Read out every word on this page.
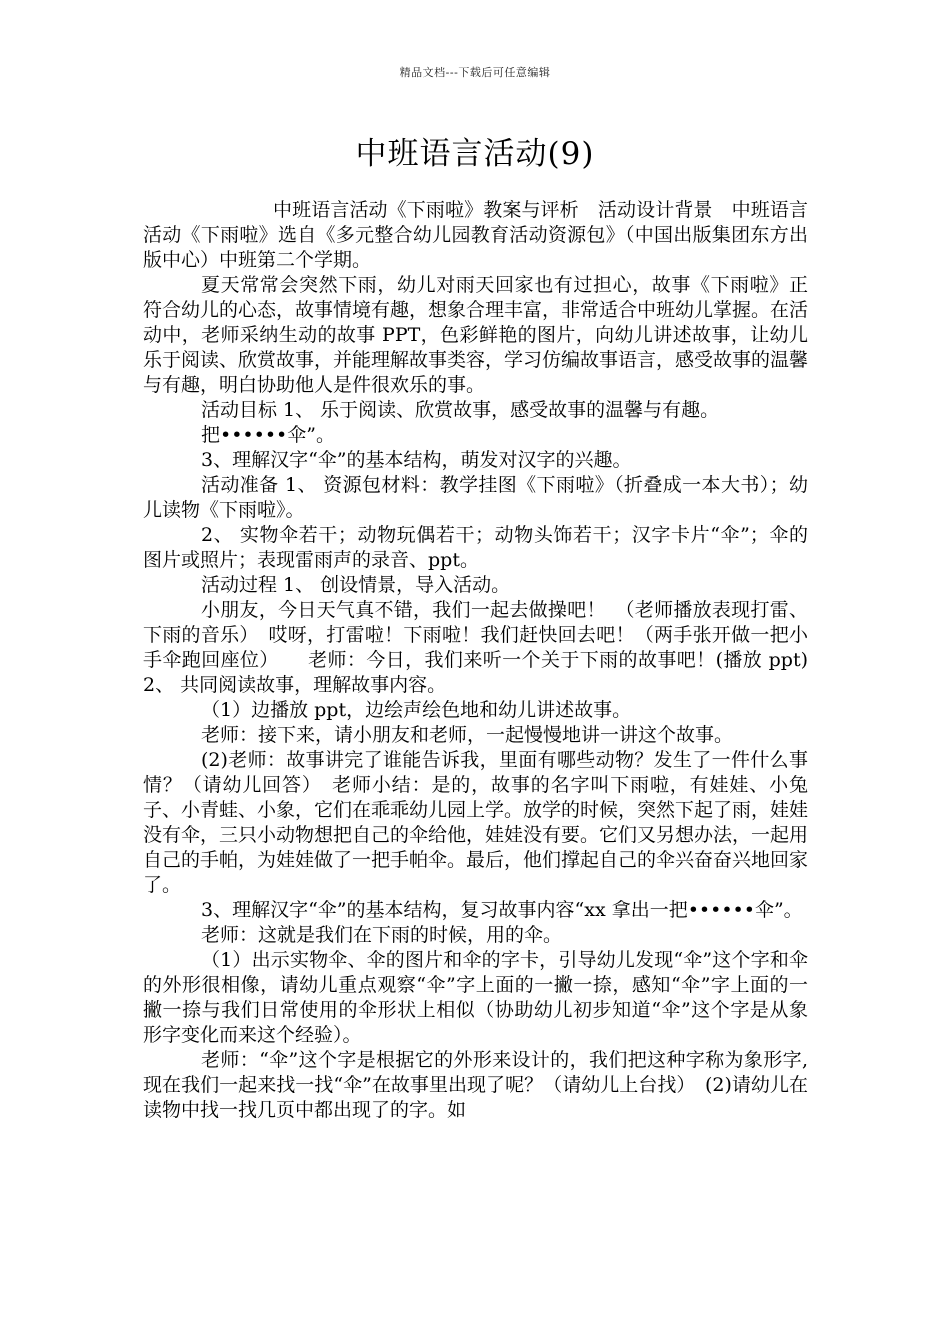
精品文档---下载后可任意编辑
中班语言活动(9)

中班语言活动《下雨啦》教案与评析　活动设计背景　中班语言活动《下雨啦》选自《多元整合幼儿园教育活动资源包》（中国出版集团东方出版中心）中班第二个学期。

夏天常常会突然下雨，幼儿对雨天回家也有过担心，故事《下雨啦》正符合幼儿的心态，故事情境有趣，想象合理丰富，非常适合中班幼儿掌握。在活动中，老师采纳生动的故事 PPT，色彩鲜艳的图片，向幼儿讲述故事，让幼儿乐于阅读、欣赏故事，并能理解故事类容，学习仿编故事语言，感受故事的温馨与有趣，明白协助他人是件很欢乐的事。

活动目标 1、 乐于阅读、欣赏故事，感受故事的温馨与有趣。

把••••••伞”。

3、理解汉字“伞”的基本结构，萌发对汉字的兴趣。

活动准备 1、 资源包材料：教学挂图《下雨啦》（折叠成一本大书）；幼儿读物《下雨啦》。

2、 实物伞若干；动物玩偶若干；动物头饰若干；汉字卡片“伞”；伞的图片或照片；表现雷雨声的录音、ppt。

活动过程 1、 创设情景，导入活动。

小朋友，今日天气真不错，我们一起去做操吧！　（老师播放表现打雷、下雨的音乐）　哎呀，打雷啦！下雨啦！我们赶快回去吧！（两手张开做一把小手伞跑回座位）　　老师：今日，我们来听一个关于下雨的故事吧！(播放 ppt) 2、 共同阅读故事，理解故事内容。

（1）边播放 ppt，边绘声绘色地和幼儿讲述故事。

老师：接下来，请小朋友和老师，一起慢慢地讲一讲这个故事。

(2)老师：故事讲完了谁能告诉我，里面有哪些动物？发生了一件什么事情？（请幼儿回答）　老师小结：是的，故事的名字叫下雨啦，有娃娃、小兔子、小青蛙、小象，它们在乖乖幼儿园上学。放学的时候，突然下起了雨，娃娃没有伞，三只小动物想把自己的伞给他，娃娃没有要。它们又另想办法，一起用自己的手帕，为娃娃做了一把手帕伞。最后，他们撑起自己的伞兴奋奋兴地回家了。

3、理解汉字“伞”的基本结构，复习故事内容“xx 拿出一把••••••伞”。

老师：这就是我们在下雨的时候，用的伞。

（1）出示实物伞、伞的图片和伞的字卡，引导幼儿发现“伞”这个字和伞的外形很相像，请幼儿重点观察“伞”字上面的一撇一捺，感知“伞”字上面的一撇一捺与我们日常使用的伞形状上相似（协助幼儿初步知道“伞”这个字是从象形字变化而来这个经验）。

老师：“伞”这个字是根据它的外形来设计的，我们把这种字称为象形字,现在我们一起来找一找“伞”在故事里出现了呢？（请幼儿上台找）　(2)请幼儿在读物中找一找几页中都出现了的字。如
